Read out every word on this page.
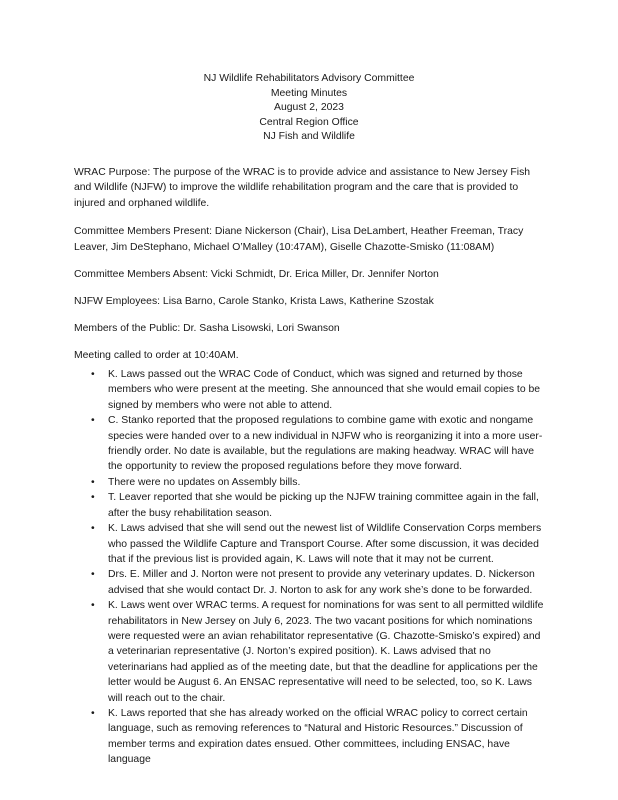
NJ Wildlife Rehabilitators Advisory Committee
Meeting Minutes
August 2, 2023
Central Region Office
NJ Fish and Wildlife

WRAC Purpose: The purpose of the WRAC is to provide advice and assistance to New Jersey Fish and Wildlife (NJFW) to improve the wildlife rehabilitation program and the care that is provided to injured and orphaned wildlife.

Committee Members Present: Diane Nickerson (Chair), Lisa DeLambert, Heather Freeman, Tracy Leaver, Jim DeStephano, Michael O’Malley (10:47AM), Giselle Chazotte-Smisko (11:08AM)

Committee Members Absent: Vicki Schmidt, Dr. Erica Miller, Dr. Jennifer Norton

NJFW Employees: Lisa Barno, Carole Stanko, Krista Laws, Katherine Szostak

Members of the Public: Dr. Sasha Lisowski, Lori Swanson

Meeting called to order at 10:40AM.

• K. Laws passed out the WRAC Code of Conduct, which was signed and returned by those members who were present at the meeting. She announced that she would email copies to be signed by members who were not able to attend.
• C. Stanko reported that the proposed regulations to combine game with exotic and nongame species were handed over to a new individual in NJFW who is reorganizing it into a more user-friendly order. No date is available, but the regulations are making headway. WRAC will have the opportunity to review the proposed regulations before they move forward.
• There were no updates on Assembly bills.
• T. Leaver reported that she would be picking up the NJFW training committee again in the fall, after the busy rehabilitation season.
• K. Laws advised that she will send out the newest list of Wildlife Conservation Corps members who passed the Wildlife Capture and Transport Course. After some discussion, it was decided that if the previous list is provided again, K. Laws will note that it may not be current.
• Drs. E. Miller and J. Norton were not present to provide any veterinary updates. D. Nickerson advised that she would contact Dr. J. Norton to ask for any work she’s done to be forwarded.
• K. Laws went over WRAC terms. A request for nominations for was sent to all permitted wildlife rehabilitators in New Jersey on July 6, 2023. The two vacant positions for which nominations were requested were an avian rehabilitator representative (G. Chazotte-Smisko’s expired) and a veterinarian representative (J. Norton’s expired position). K. Laws advised that no veterinarians had applied as of the meeting date, but that the deadline for applications per the letter would be August 6. An ENSAC representative will need to be selected, too, so K. Laws will reach out to the chair.
• K. Laws reported that she has already worked on the official WRAC policy to correct certain language, such as removing references to “Natural and Historic Resources.” Discussion of member terms and expiration dates ensued. Other committees, including ENSAC, have language
